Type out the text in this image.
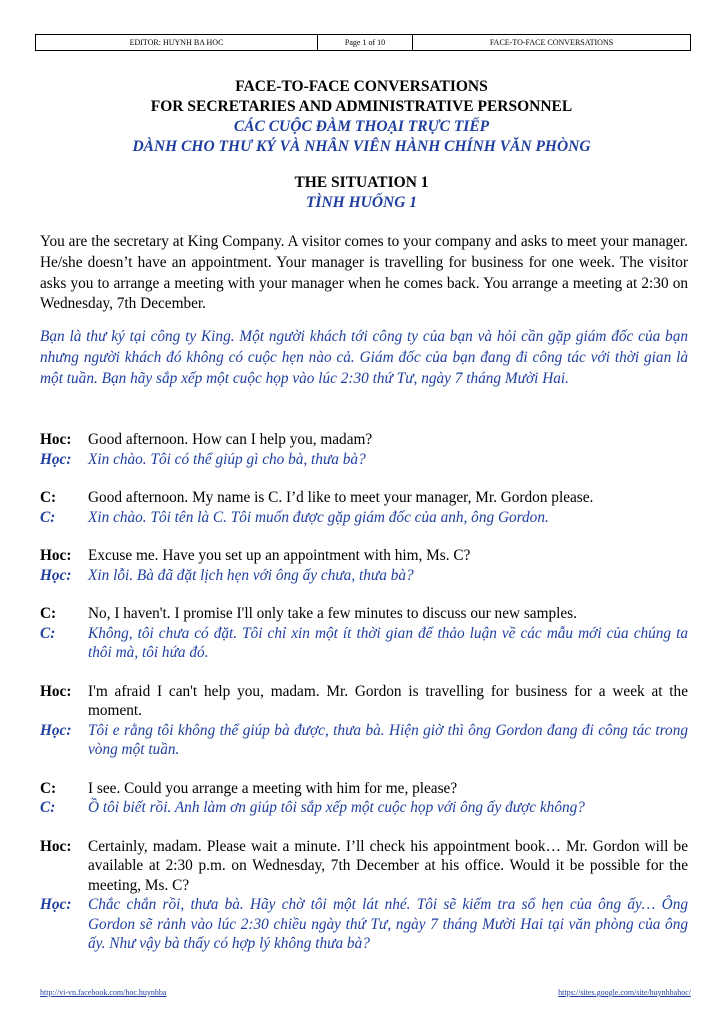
EDITOR: HUYNH BA HOC	Page 1 of 10	FACE-TO-FACE CONVERSATIONS
FACE-TO-FACE CONVERSATIONS
FOR SECRETARIES AND ADMINISTRATIVE PERSONNEL
CÁC CUỘC ĐÀM THOẠI TRỰC TIẾP
DÀNH CHO THƯ KÝ VÀ NHÂN VIÊN HÀNH CHÍNH VĂN PHÒNG
THE SITUATION 1
TÌNH HUỐNG 1
You are the secretary at King Company. A visitor comes to your company and asks to meet your manager. He/she doesn’t have an appointment. Your manager is travelling for business for one week. The visitor asks you to arrange a meeting with your manager when he comes back. You arrange a meeting at 2:30 on Wednesday, 7th December.
Bạn là thư ký tại công ty King. Một người khách tới công ty của bạn và hỏi cần gặp giám đốc của bạn nhưng người khách đó không có cuộc hẹn nào cả. Giám đốc của bạn đang đi công tác với thời gian là một tuần. Bạn hãy sắp xếp một cuộc họp vào lúc 2:30 thứ Tư, ngày 7 tháng Mười Hai.
Hoc:	Good afternoon. How can I help you, madam?
Học:	Xin chào. Tôi có thể giúp gì cho bà, thưa bà?
C:	Good afternoon. My name is C. I’d like to meet your manager, Mr. Gordon please.
C:	Xin chào. Tôi tên là C. Tôi muốn được gặp giám đốc của anh, ông Gordon.
Hoc:	Excuse me. Have you set up an appointment with him, Ms. C?
Học:	Xin lỗi. Bà đã đặt lịch hẹn với ông ấy chưa, thưa bà?
C:	No, I haven't. I promise I'll only take a few minutes to discuss our new samples.
C:	Không, tôi chưa có đặt. Tôi chỉ xin một ít thời gian để thảo luận về các mẫu mới của chúng ta thôi mà, tôi hứa đó.
Hoc:	I'm afraid I can't help you, madam. Mr. Gordon is travelling for business for a week at the moment.
Học:	Tôi e rằng tôi không thể giúp bà được, thưa bà. Hiện giờ thì ông Gordon đang đi công tác trong vòng một tuần.
C:	I see. Could you arrange a meeting with him for me, please?
C:	Ồ tôi biết rồi. Anh làm ơn giúp tôi sắp xếp một cuộc họp với ông ấy được không?
Hoc:	Certainly, madam. Please wait a minute. I’ll check his appointment book… Mr. Gordon will be available at 2:30 p.m. on Wednesday, 7th December at his office. Would it be possible for the meeting, Ms. C?
Học:	Chắc chắn rồi, thưa bà. Hãy chờ tôi một lát nhé. Tôi sẽ kiểm tra sổ hẹn của ông ấy… Ông Gordon sẽ rảnh vào lúc 2:30 chiều ngày thứ Tư, ngày 7 tháng Mười Hai tại văn phòng của ông ấy. Như vậy bà thấy có hợp lý không thưa bà?
http://vi-vn.facebook.com/hoc.huynhba	https://sites.google.com/site/huynhbahoc/
